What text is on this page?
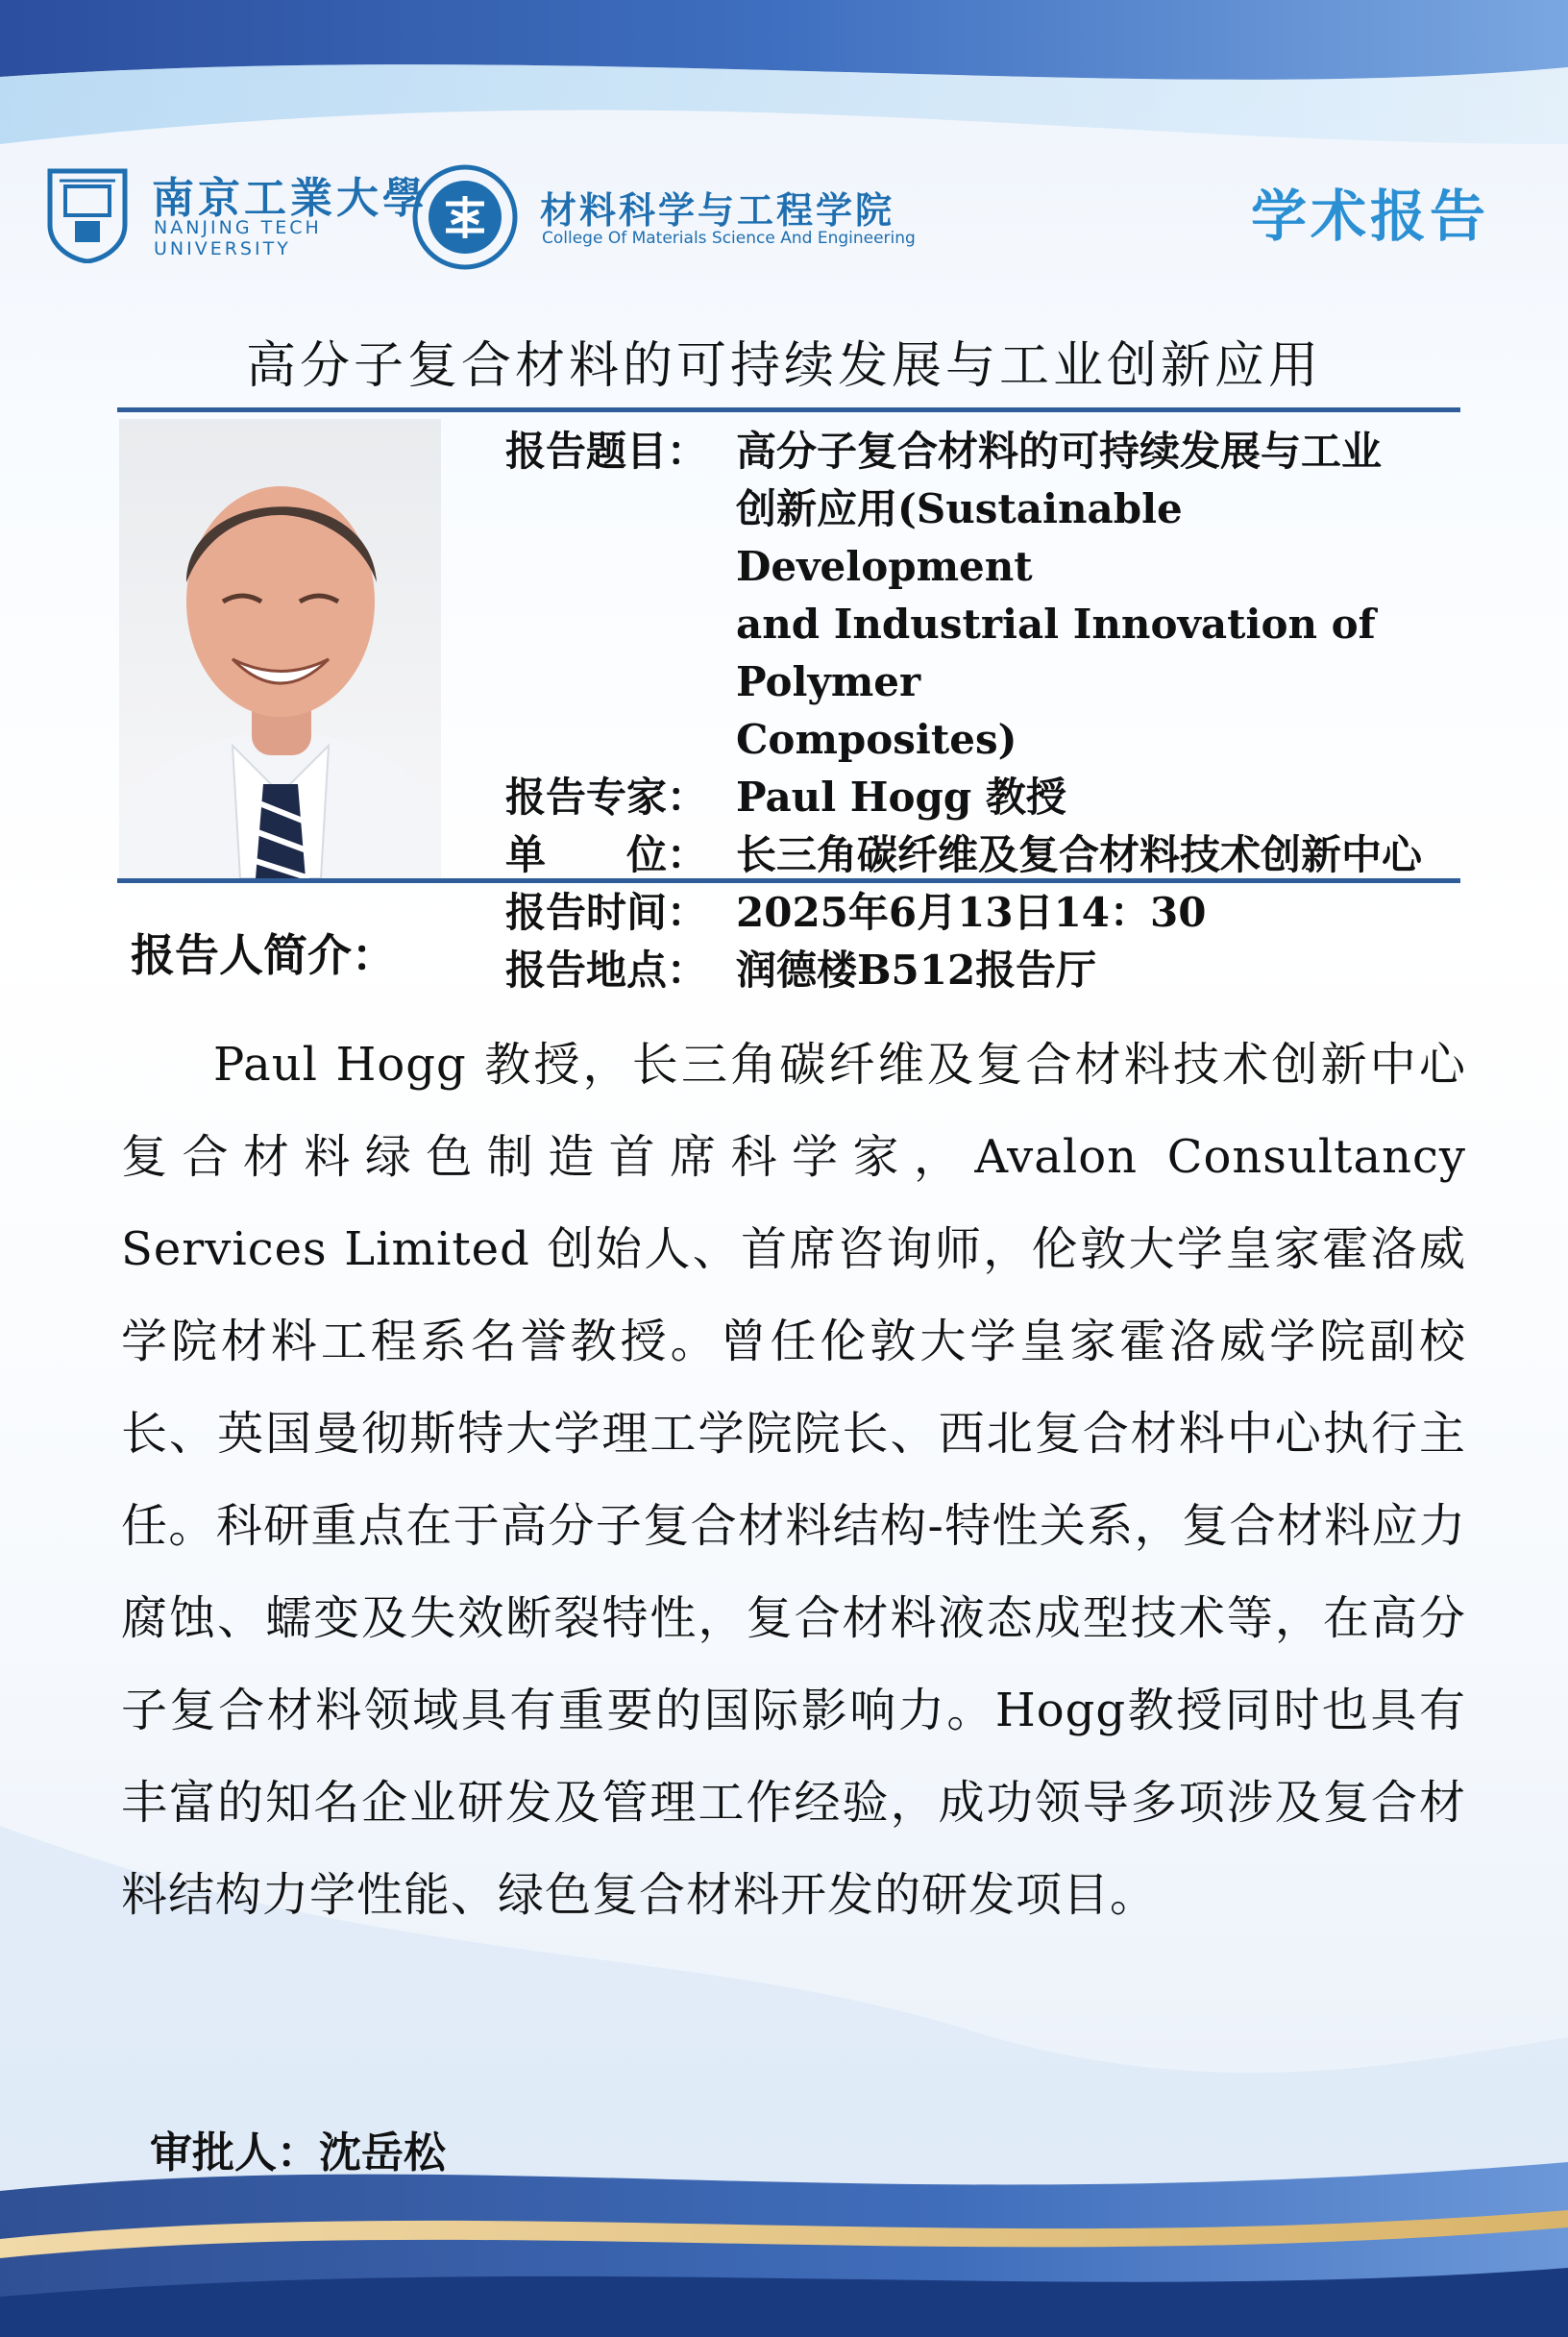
南京工業大學
NANJING TECH
UNIVERSITY
材料科学与工程学院
College Of Materials Science And Engineering	学术报告
高分子复合材料的可持续发展与工业创新应用
报告题目： 高分子复合材料的可持续发展与工业
创新应用(Sustainable Development
and Industrial Innovation of Polymer
Composites)
报告专家： Paul Hogg 教授
单　　位： 长三角碳纤维及复合材料技术创新中心
报告时间： 2025年6月13日14：30
报告地点： 润德楼B512报告厅
报告人简介：
Paul Hogg 教授，长三角碳纤维及复合材料技术创新中心复合材料绿色制造首席科学家，Avalon Consultancy Services Limited 创始人、首席咨询师，伦敦大学皇家霍洛威学院材料工程系名誉教授。曾任伦敦大学皇家霍洛威学院副校长、英国曼彻斯特大学理工学院院长、西北复合材料中心执行主任。科研重点在于高分子复合材料结构-特性关系，复合材料应力腐蚀、蠕变及失效断裂特性，复合材料液态成型技术等，在高分子复合材料领域具有重要的国际影响力。Hogg教授同时也具有丰富的知名企业研发及管理工作经验，成功领导多项涉及复合材料结构力学性能、绿色复合材料开发的研发项目。
审批人：沈岳松
